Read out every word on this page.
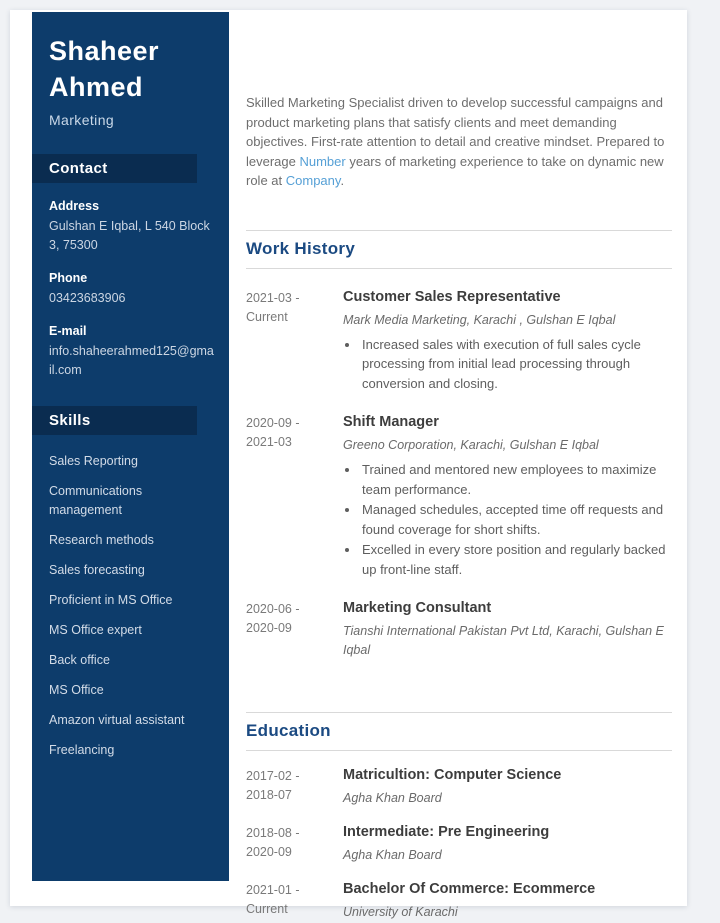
Shaheer
Ahmed
Marketing
Contact
Address
Gulshan E Iqbal, L 540 Block 3, 75300
Phone
03423683906
E-mail
info.shaheerahmed125@gmail.com
Skills
Sales Reporting
Communications management
Research methods
Sales forecasting
Proficient in MS Office
MS Office expert
Back office
MS Office
Amazon virtual assistant
Freelancing

Skilled Marketing Specialist driven to develop successful campaigns and product marketing plans that satisfy clients and meet demanding objectives. First-rate attention to detail and creative mindset. Prepared to leverage Number years of marketing experience to take on dynamic new role at Company.

Work History
2021-03 -
Current
Customer Sales Representative
Mark Media Marketing, Karachi , Gulshan E Iqbal
• Increased sales with execution of full sales cycle processing from initial lead processing through conversion and closing.
2020-09 -
2021-03
Shift Manager
Greeno Corporation, Karachi, Gulshan E Iqbal
• Trained and mentored new employees to maximize team performance.
• Managed schedules, accepted time off requests and found coverage for short shifts.
• Excelled in every store position and regularly backed up front-line staff.
2020-06 -
2020-09
Marketing Consultant
Tianshi International Pakistan Pvt Ltd, Karachi, Gulshan E Iqbal
Education
2017-02 -
2018-07
Matricultion: Computer Science
Agha Khan Board
2018-08 -
2020-09
Intermediate: Pre Engineering
Agha Khan Board
2021-01 -
Current
Bachelor Of Commerce: Ecommerce
University of Karachi
